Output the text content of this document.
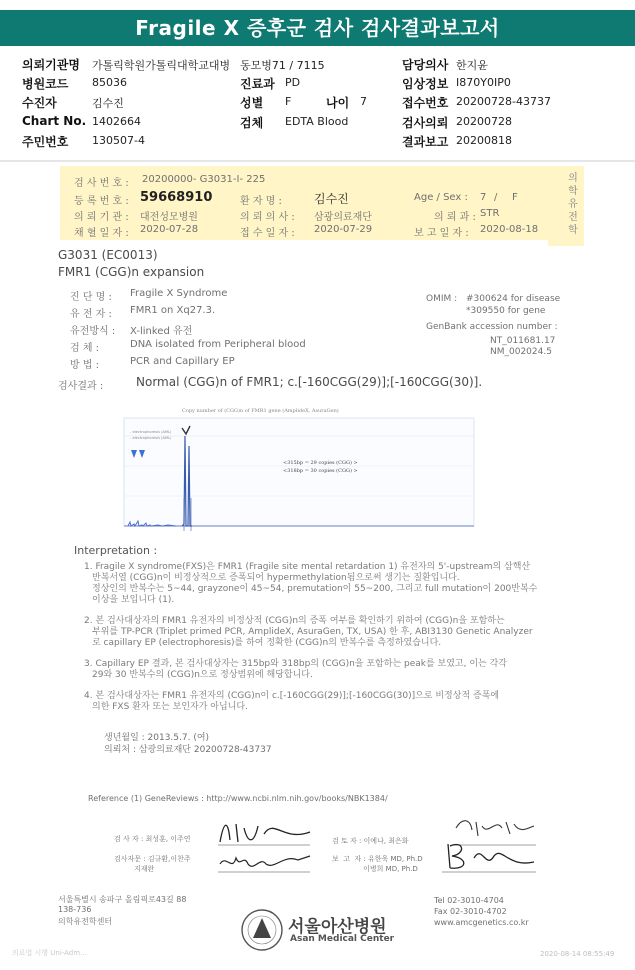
Fragile X 증후군 검사 검사결과보고서
의뢰기관명 가톨릭학원가톨릭대학교대병 동모병71 / 7115	담당의사 한지윤
병원코드 85036	진료과 PD	임상정보 I870Y0IP0
수진자	김수진	성별 F	나이 7	접수번호 20200728-43737
Chart No. 1402664	검체 EDTA Blood	검사의뢰 20200728
주민번호 130507-4	결과보고 20200818
의학유전학
검 사 번 호 : 20200000- G3031-I- 225
등 록 번 호 : 59668910	환 자 명 :	김수진	Age / Sex : 7 / F
의 뢰 기 관 : 대전성모병원	의 뢰 의 사 : 삼광의료재단	의 뢰 과 : STR
채 혈 일 자 : 2020-07-28	접 수 일 자 : 2020-07-29	보 고 일 자 : 2020-08-18
G3031 (EC0013)
FMR1 (CGG)n expansion
진 단 명 : Fragile X Syndrome
유 전 자 : FMR1 on Xq27.3.
유전방식 : X-linked 유전
검 체 :	DNA isolated from Peripheral blood
방 법 :	PCR and Capillary EP
OMIM : #300624 for disease
*309550 for gene
GenBank accession number :
NT_011681.17
NM_002024.5
검사결과 :	Normal (CGG)n of FMR1; c.[-160CGG(29)];[-160CGG(30)].
Copy number of (CGG)n of FMR1 gene (AmplideX, AsuraGen)
- electrophoresis (AML)
- electrophoresis (AML)
<315bp = 29 copies (CGG) >
<318bp = 30 copies (CGG) >
Interpretation :
1. Fragile X syndrome(FXS)은 FMR1 (Fragile site mental retardation 1) 유전자의 5'-upstream의 삼핵산
반복서열 (CGG)n이 비정상적으로 증폭되어 hypermethylation됨으로써 생기는 질환입니다.
정상인의 반복수는 5~44, grayzone이 45~54, premutation이 55~200, 그리고 full mutation이 200반복수
이상을 보입니다 (1).
2. 본 검사대상자의 FMR1 유전자의 비정상적 (CGG)n의 증폭 여부를 확인하기 위하여 (CGG)n을 포함하는
부위를 TP-PCR (Triplet primed PCR, AmplideX, AsuraGen, TX, USA) 한 후, ABI3130 Genetic Analyzer
로 capillary EP (electrophoresis)를 하여 정확한 (CGG)n의 반복수를 측정하였습니다.
3. Capillary EP 결과, 본 검사대상자는 315bp와 318bp의 (CGG)n을 포함하는 peak를 보였고, 이는 각각
29와 30 반복수의 (CGG)n으로 정상범위에 해당합니다.
4. 본 검사대상자는 FMR1 유전자의 (CGG)n이 c.[-160CGG(29)];[-160CGG(30)]으로 비정상적 증폭에
의한 FXS 환자 또는 보인자가 아닙니다.
생년월일 : 2013.5.7. (여)
의뢰처 : 삼광의료재단 20200728-43737
Reference (1) GeneReviews : http://www.ncbi.nlm.nih.gov/books/NBK1384/
검 사 자 : 최성훈, 이주연	검 토 자 : 이예나, 최은화
검사자문 : 김규환,이찬주
지재완
보  고  자 : 유한욱 MD, Ph.D
이병희 MD, Ph.D
서울특별시 송파구 올림픽로43길 88
138-736
의학유전학센터	서울아산병원
Asan Medical Center
Tel 02-3010-4704
Fax 02-3010-4702
www.amcgenetics.co.kr
의료법 시행 Uni-Adm…	2020-08-14 08:55:49
